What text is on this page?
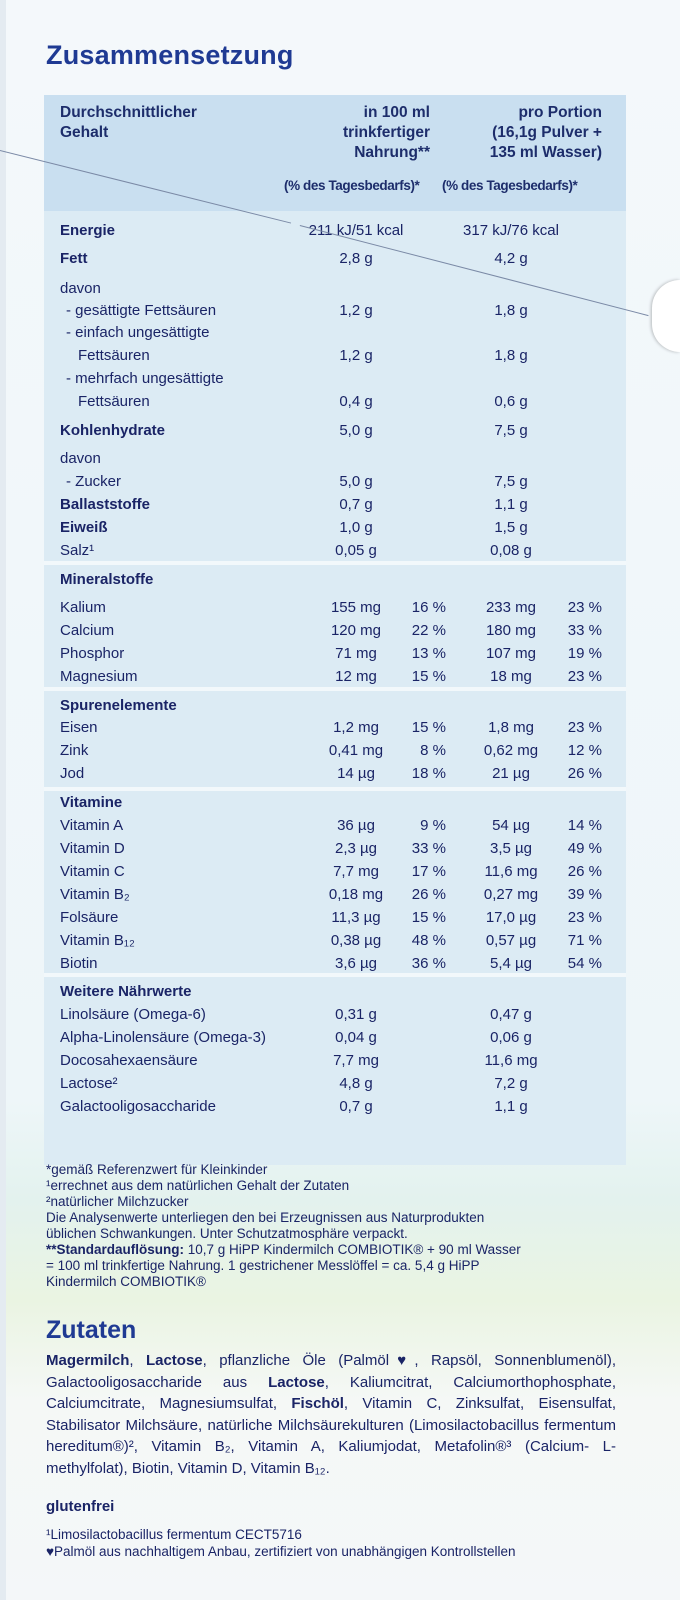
Zusammensetzung
Durchschnittlicher
Gehalt
in 100 ml
trinkfertiger
Nahrung**
pro Portion
(16,1g Pulver +
135 ml Wasser)
(% des Tagesbedarfs)* (% des Tagesbedarfs)*
Energie	211 kJ/51 kcal	317 kJ/76 kcal
Fett	2,8 g	4,2 g
davon
- gesättigte Fettsäuren	1,2 g	1,8 g
- einfach ungesättigte
Fettsäuren	1,2 g	1,8 g
- mehrfach ungesättigte
Fettsäuren	0,4 g	0,6 g
Kohlenhydrate	5,0 g	7,5 g
davon
- Zucker	5,0 g	7,5 g
Ballaststoffe	0,7 g	1,1 g
Eiweiß	1,0 g	1,5 g
Salz¹	0,05 g	0,08 g
Mineralstoffe
Kalium	155 mg	16 %	233 mg	23 %
Calcium	120 mg	22 %	180 mg	33 %
Phosphor	71 mg	13 %	107 mg	19 %
Magnesium	12 mg	15 %	18 mg	23 %
Spurenelemente
Eisen	1,2 mg	15 %	1,8 mg	23 %
Zink	0,41 mg	8 %	0,62 mg	12 %
Jod	14 µg	18 %	21 µg	26 %
Vitamine
Vitamin A	36 µg	9 %	54 µg	14 %
Vitamin D	2,3 µg	33 %	3,5 µg	49 %
Vitamin C	7,7 mg	17 %	11,6 mg	26 %
Vitamin B₂	0,18 mg	26 %	0,27 mg	39 %
Folsäure	11,3 µg	15 %	17,0 µg	23 %
Vitamin B₁₂	0,38 µg	48 %	0,57 µg	71 %
Biotin	3,6 µg	36 %	5,4 µg	54 %
Weitere Nährwerte
Linolsäure (Omega-6)	0,31 g	0,47 g
Alpha-Linolensäure (Omega-3)	0,04 g	0,06 g
Docosahexaensäure	7,7 mg	11,6 mg
Lactose²	4,8 g	7,2 g
Galactooligosaccharide	0,7 g	1,1 g
*gemäß Referenzwert für Kleinkinder
¹errechnet aus dem natürlichen Gehalt der Zutaten
²natürlicher Milchzucker
Die Analysenwerte unterliegen den bei Erzeugnissen aus Naturprodukten
üblichen Schwankungen. Unter Schutzatmosphäre verpackt.
**Standardauflösung: 10,7 g HiPP Kindermilch COMBIOTIK® + 90 ml Wasser
= 100 ml trinkfertige Nahrung. 1 gestrichener Messlöffel = ca. 5,4 g HiPP
Kindermilch COMBIOTIK®
Zutaten
Magermilch, Lactose, pflanzliche Öle (Palmöl♥, Rapsöl, Sonnenblumenöl), Galactooligosaccharide aus Lactose, Kaliumcitrat, Calciumorthophosphate, Calciumcitrate, Magnesiumsulfat, Fischöl, Vitamin C, Zinksulfat, Eisensulfat, Stabilisator Milchsäure, natürliche Milchsäurekulturen (Limosilactobacillus fermentum hereditum®)², Vitamin B₂, Vitamin A, Kaliumjodat, Metafolin®³ (Calcium- L-methylfolat), Biotin, Vitamin D, Vitamin B₁₂.
glutenfrei
¹Limosilactobacillus fermentum CECT5716
♥Palmöl aus nachhaltigem Anbau, zertifiziert von unabhängigen Kontrollstellen
